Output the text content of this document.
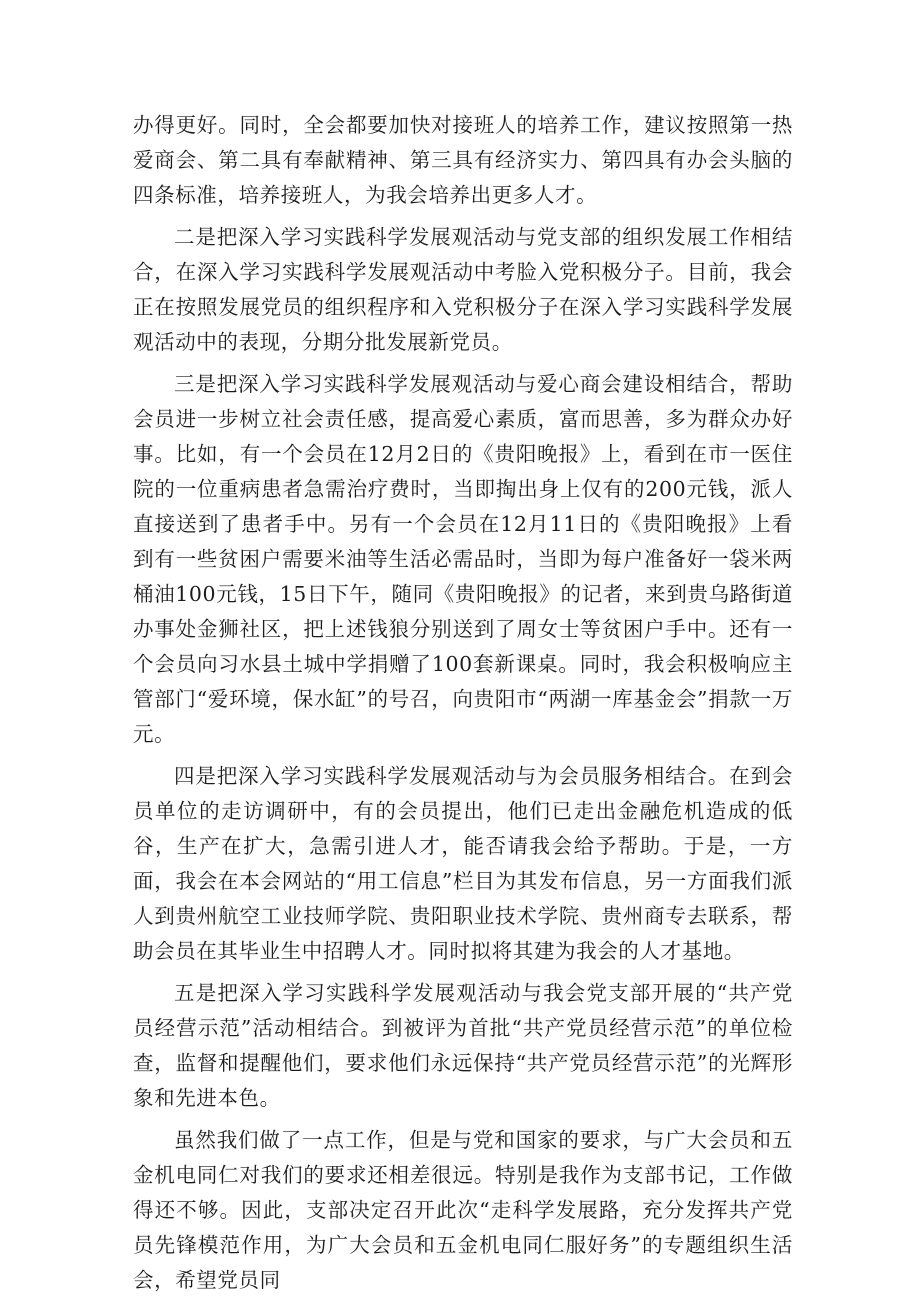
办得更好。同时，全会都要加快对接班人的培养工作，建议按照第一热爱商会、第二具有奉献精神、第三具有经济实力、第四具有办会头脑的四条标准，培养接班人，为我会培养出更多人才。

二是把深入学习实践科学发展观活动与党支部的组织发展工作相结合，在深入学习实践科学发展观活动中考脸入党积极分子。目前，我会正在按照发展党员的组织程序和入党积极分子在深入学习实践科学发展观活动中的表现，分期分批发展新党员。

三是把深入学习实践科学发展观活动与爱心商会建设相结合，帮助会员进一步树立社会责任感，提高爱心素质，富而思善，多为群众办好事。比如，有一个会员在12月2日的《贵阳晚报》上，看到在市一医住院的一位重病患者急需治疗费时，当即掏出身上仅有的200元钱，派人直接送到了患者手中。另有一个会员在12月11日的《贵阳晚报》上看到有一些贫困户需要米油等生活必需品时，当即为每户准备好一袋米两桶油100元钱，15日下午，随同《贵阳晚报》的记者，来到贵乌路街道办事处金狮社区，把上述钱狼分别送到了周女士等贫困户手中。还有一个会员向习水县土城中学捐赠了100套新课桌。同时，我会积极响应主管部门“爱环境，保水缸”的号召，向贵阳市“两湖一库基金会”捐款一万元。

四是把深入学习实践科学发展观活动与为会员服务相结合。在到会员单位的走访调研中，有的会员提出，他们已走出金融危机造成的低谷，生产在扩大，急需引进人才，能否请我会给予帮助。于是，一方面，我会在本会网站的“用工信息”栏目为其发布信息，另一方面我们派人到贵州航空工业技师学院、贵阳职业技术学院、贵州商专去联系，帮助会员在其毕业生中招聘人才。同时拟将其建为我会的人才基地。

五是把深入学习实践科学发展观活动与我会党支部开展的“共产党员经营示范”活动相结合。到被评为首批“共产党员经营示范”的单位检查，监督和提醒他们，要求他们永远保持“共产党员经营示范”的光辉形象和先进本色。

虽然我们做了一点工作，但是与党和国家的要求，与广大会员和五金机电同仁对我们的要求还相差很远。特别是我作为支部书记，工作做得还不够。因此，支部决定召开此次“走科学发展路，充分发挥共产党员先锋模范作用，为广大会员和五金机电同仁服好务”的专题组织生活会，希望党员同
